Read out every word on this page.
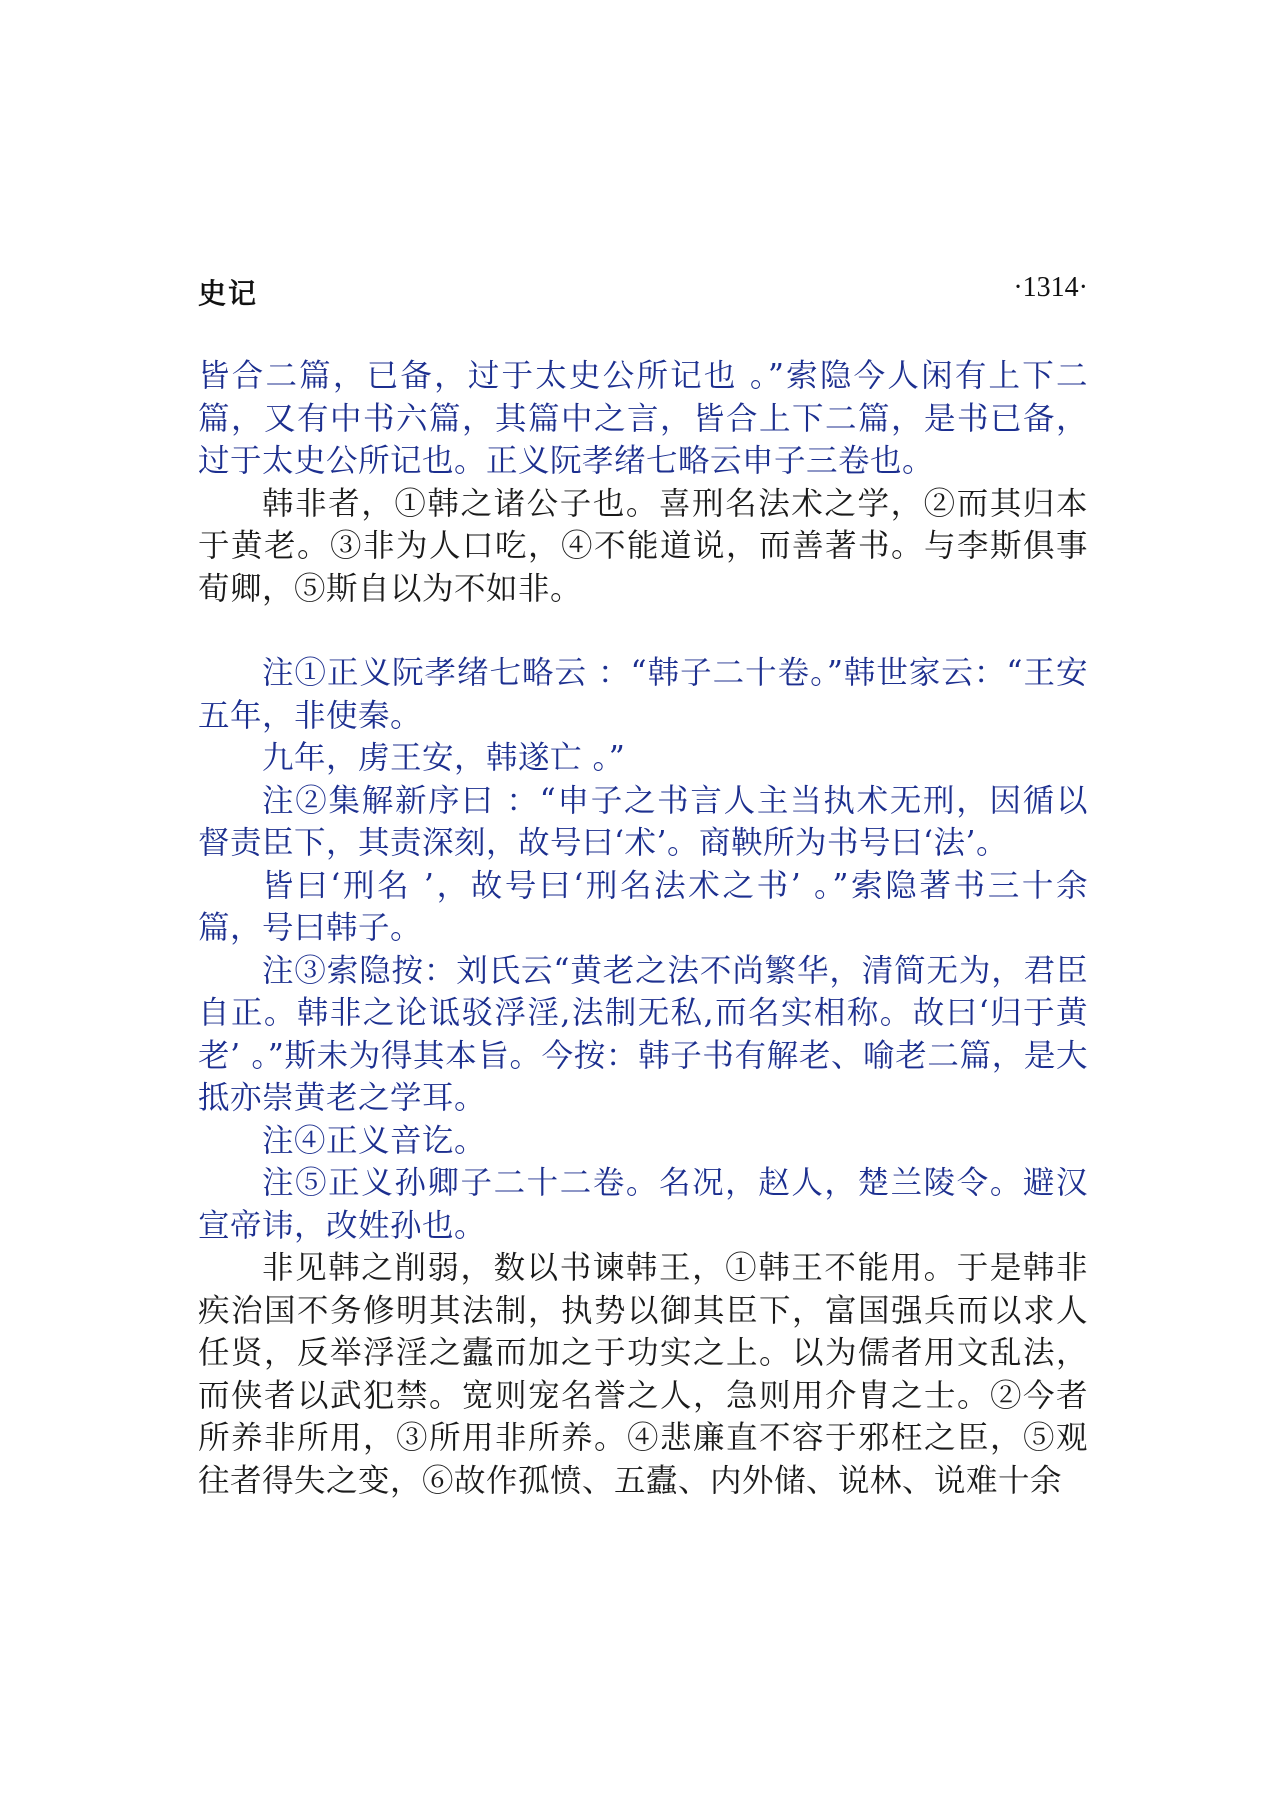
史记	·1314·

皆合二篇，已备，过于太史公所记也 。”索隐今人闲有上下二篇，又有中书六篇，其篇中之言，皆合上下二篇，是书已备，过于太史公所记也。正义阮孝绪七略云申子三卷也。

韩非者，①韩之诸公子也。喜刑名法术之学，②而其归本于黄老。③非为人口吃，④不能道说，而善著书。与李斯俱事荀卿，⑤斯自以为不如非。

注①正义阮孝绪七略云 ：“韩子二十卷。”韩世家云：“王安五年，非使秦。

九年，虏王安，韩遂亡 。”

注②集解新序曰 ：“申子之书言人主当执术无刑，因循以督责臣下，其责深刻，故号曰‘术’。商鞅所为书号曰‘法’。

皆曰‘刑名 ’，故号曰‘刑名法术之书’ 。”索隐著书三十余篇，号曰韩子。

注③索隐按：刘氏云“黄老之法不尚繁华，清简无为，君臣自正。韩非之论诋驳浮淫,法制无私,而名实相称。故曰‘归于黄老’ 。”斯未为得其本旨。今按：韩子书有解老、喻老二篇，是大抵亦崇黄老之学耳。

注④正义音讫。

注⑤正义孙卿子二十二卷。名况，赵人，楚兰陵令。避汉宣帝讳，改姓孙也。

非见韩之削弱，数以书谏韩王，①韩王不能用。于是韩非疾治国不务修明其法制，执势以御其臣下，富国强兵而以求人任贤，反举浮淫之蠹而加之于功实之上。以为儒者用文乱法，而侠者以武犯禁。宽则宠名誉之人，急则用介胄之士。②今者所养非所用，③所用非所养。④悲廉直不容于邪枉之臣，⑤观往者得失之变，⑥故作孤愤、五蠹、内外储、说林、说难十余
